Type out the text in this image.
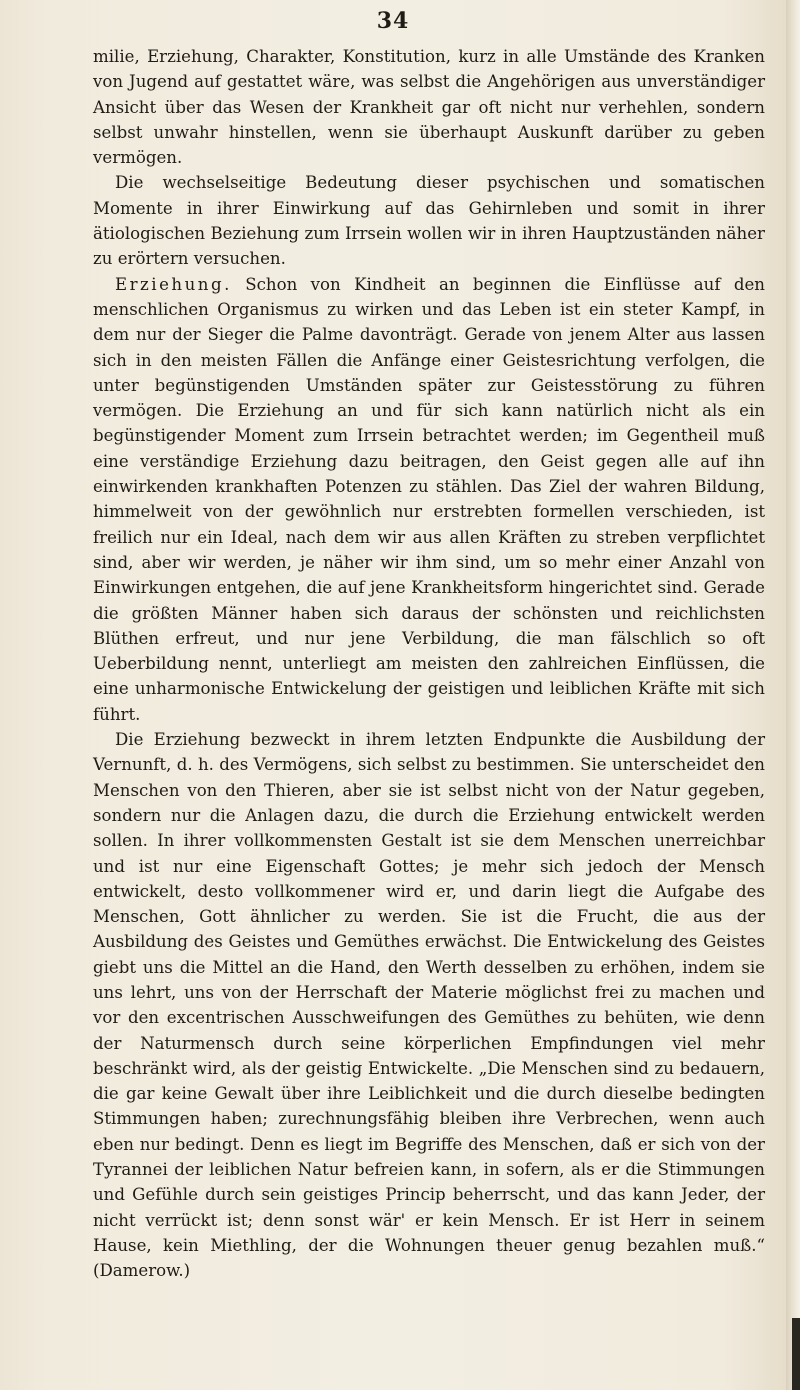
34

milie, Erziehung, Charakter, Konstitution, kurz in alle Umstände des Kranken von Jugend auf gestattet wäre, was selbst die Angehörigen aus unverständiger Ansicht über das Wesen der Krankheit gar oft nicht nur verhehlen, sondern selbst unwahr hinstellen, wenn sie überhaupt Auskunft darüber zu geben vermögen.

Die wechselseitige Bedeutung dieser psychischen und somatischen Momente in ihrer Einwirkung auf das Gehirnleben und somit in ihrer ätiologischen Beziehung zum Irrsein wollen wir in ihren Hauptzuständen näher zu erörtern versuchen.

Erziehung. Schon von Kindheit an beginnen die Einflüsse auf den menschlichen Organismus zu wirken und das Leben ist ein steter Kampf, in dem nur der Sieger die Palme davonträgt. Gerade von jenem Alter aus lassen sich in den meisten Fällen die Anfänge einer Geistesrichtung verfolgen, die unter begünstigenden Umständen später zur Geistesstörung zu führen vermögen. Die Erziehung an und für sich kann natürlich nicht als ein begünstigender Moment zum Irrsein betrachtet werden; im Gegentheil muß eine verständige Erziehung dazu beitragen, den Geist gegen alle auf ihn einwirkenden krankhaften Potenzen zu stählen. Das Ziel der wahren Bildung, himmelweit von der gewöhnlich nur erstrebten formellen verschieden, ist freilich nur ein Ideal, nach dem wir aus allen Kräften zu streben verpflichtet sind, aber wir werden, je näher wir ihm sind, um so mehr einer Anzahl von Einwirkungen entgehen, die auf jene Krankheitsform hingerichtet sind. Gerade die größten Männer haben sich daraus der schönsten und reichlichsten Blüthen erfreut, und nur jene Verbildung, die man fälschlich so oft Ueberbildung nennt, unterliegt am meisten den zahlreichen Einflüssen, die eine unharmonische Entwickelung der geistigen und leiblichen Kräfte mit sich führt.

Die Erziehung bezweckt in ihrem letzten Endpunkte die Ausbildung der Vernunft, d. h. des Vermögens, sich selbst zu bestimmen. Sie unterscheidet den Menschen von den Thieren, aber sie ist selbst nicht von der Natur gegeben, sondern nur die Anlagen dazu, die durch die Erziehung entwickelt werden sollen. In ihrer vollkommensten Gestalt ist sie dem Menschen unerreichbar und ist nur eine Eigenschaft Gottes; je mehr sich jedoch der Mensch entwickelt, desto vollkommener wird er, und darin liegt die Aufgabe des Menschen, Gott ähnlicher zu werden. Sie ist die Frucht, die aus der Ausbildung des Geistes und Gemüthes erwächst. Die Entwickelung des Geistes giebt uns die Mittel an die Hand, den Werth desselben zu erhöhen, indem sie uns lehrt, uns von der Herrschaft der Materie möglichst frei zu machen und vor den excentrischen Ausschweifungen des Gemüthes zu behüten, wie denn der Naturmensch durch seine körperlichen Empfindungen viel mehr beschränkt wird, als der geistig Entwickelte. „Die Menschen sind zu bedauern, die gar keine Gewalt über ihre Leiblichkeit und die durch dieselbe bedingten Stimmungen haben; zurechnungsfähig bleiben ihre Verbrechen, wenn auch eben nur bedingt. Denn es liegt im Begriffe des Menschen, daß er sich von der Tyrannei der leiblichen Natur befreien kann, in sofern, als er die Stimmungen und Gefühle durch sein geistiges Princip beherrscht, und das kann Jeder, der nicht verrückt ist; denn sonst wär' er kein Mensch. Er ist Herr in seinem Hause, kein Miethling, der die Wohnungen theuer genug bezahlen muß.“ (Damerow.)
